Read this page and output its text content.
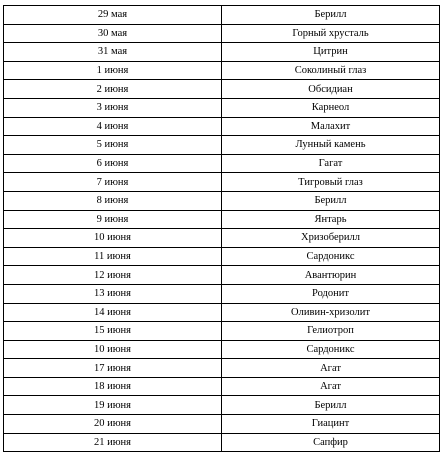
29 мая	Берилл
30 мая	Горный хрусталь
31 мая	Цитрин
1 июня	Соколиный глаз
2 июня	Обсидиан
3 июня	Карнеол
4 июня	Малахит
5 июня	Лунный камень
6 июня	Гагат
7 июня	Тигровый глаз
8 июня	Берилл
9 июня	Янтарь
10 июня	Хризоберилл
11 июня	Сардоникс
12 июня	Авантюрин
13 июня	Родонит
14 июня	Оливин-хризолит
15 июня	Гелиотроп
10 июня	Сардоникс
17 июня	Агат
18 июня	Агат
19 июня	Берилл
20 июня	Гиацинт
21 июня	Сапфир
